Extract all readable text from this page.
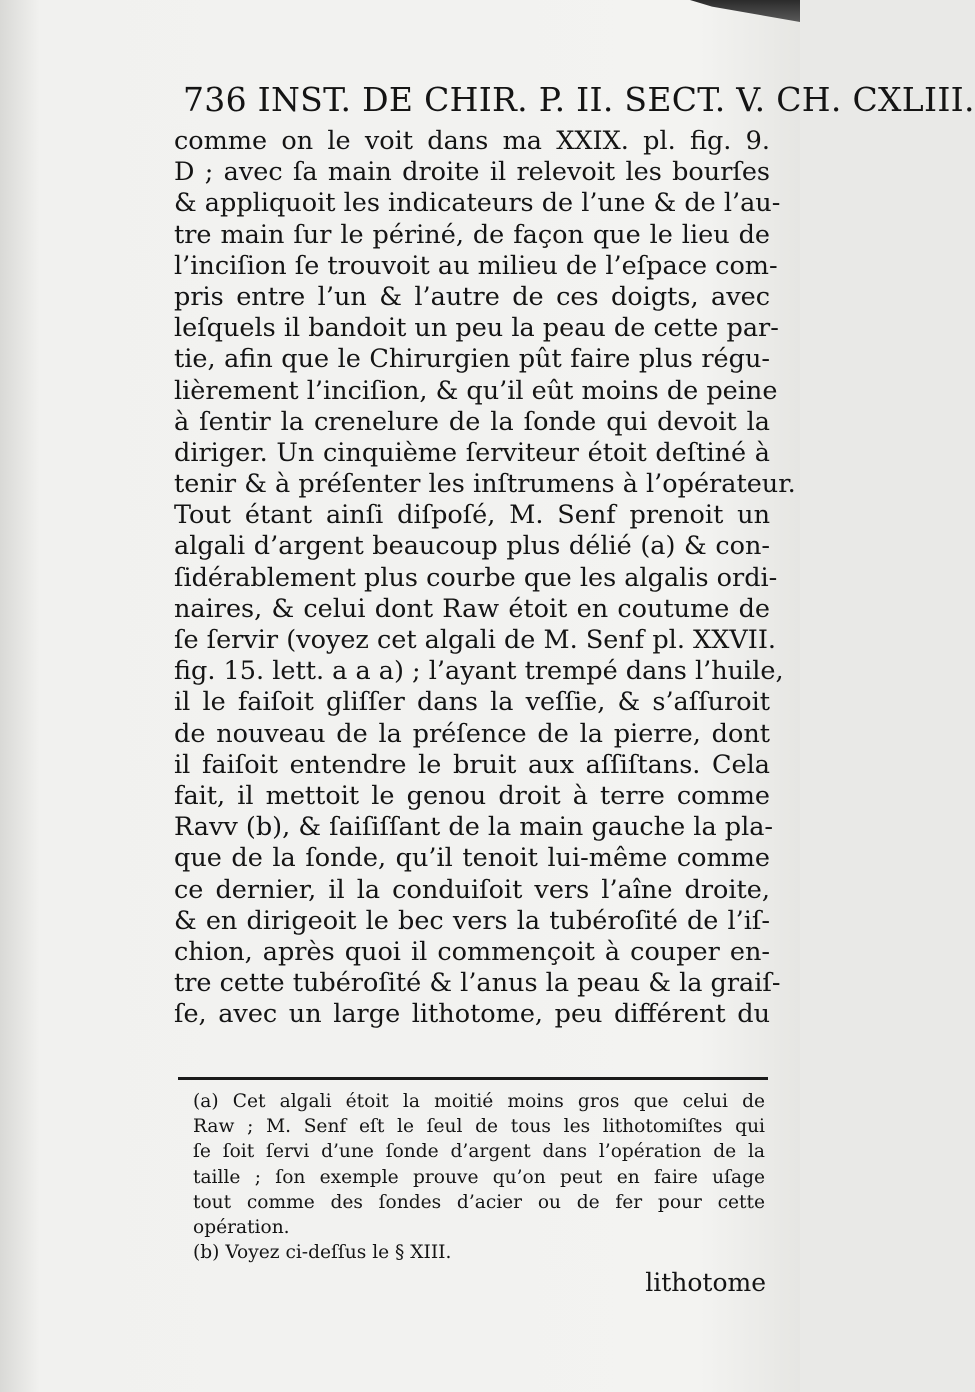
736 INST. DE CHIR. P. II. SECT. V. CH. CXLIII.
comme on le voit dans ma XXIX. pl. fig. 9.
D ; avec ſa main droite il relevoit les bourſes
& appliquoit les indicateurs de l’une & de l’au-
tre main ſur le périné, de façon que le lieu de
l’inciſion ſe trouvoit au milieu de l’eſpace com-
pris entre l’un & l’autre de ces doigts, avec
leſquels il bandoit un peu la peau de cette par-
tie, afin que le Chirurgien pût faire plus régu-
lièrement l’inciſion, & qu’il eût moins de peine
à ſentir la crenelure de la ſonde qui devoit la
diriger. Un cinquième ſerviteur étoit deſtiné à
tenir & à préſenter les inſtrumens à l’opérateur.
Tout étant ainſi diſpoſé, M. Senf prenoit un
algali d’argent beaucoup plus délié (a) & con-
ſidérablement plus courbe que les algalis ordi-
naires, & celui dont Raw étoit en coutume de
ſe ſervir (voyez cet algali de M. Senf pl. XXVII.
fig. 15. lett. a a a) ; l’ayant trempé dans l’huile,
il le faiſoit gliſſer dans la veſſie, & s’aſſuroit
de nouveau de la préſence de la pierre, dont
il faiſoit entendre le bruit aux aſſiſtans. Cela
fait, il mettoit le genou droit à terre comme
Ravv (b), & ſaiſiſſant de la main gauche la pla-
que de la ſonde, qu’il tenoit lui-même comme
ce dernier, il la conduiſoit vers l’aîne droite,
& en dirigeoit le bec vers la tubéroſité de l’iſ-
chion, après quoi il commençoit à couper en-
tre cette tubéroſité & l’anus la peau & la graiſ-
ſe, avec un large lithotome, peu différent du
(a) Cet algali étoit la moitié moins gros que celui de
Raw ; M. Senf eſt le ſeul de tous les lithotomiſtes qui
ſe ſoit ſervi d’une ſonde d’argent dans l’opération de la
taille ; ſon exemple prouve qu’on peut en faire uſage
tout comme des ſondes d’acier ou de fer pour cette
opération.
(b) Voyez ci-deſſus le § XIII.
lithotome
